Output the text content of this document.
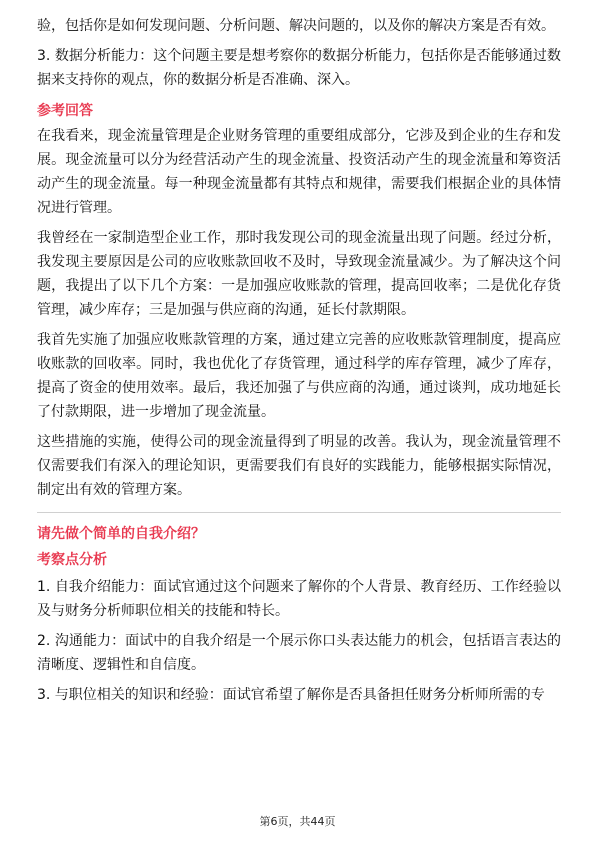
验，包括你是如何发现问题、分析问题、解决问题的，以及你的解决方案是否有效。

3. 数据分析能力：这个问题主要是想考察你的数据分析能力，包括你是否能够通过数据来支持你的观点，你的数据分析是否准确、深入。

参考回答

在我看来，现金流量管理是企业财务管理的重要组成部分，它涉及到企业的生存和发展。现金流量可以分为经营活动产生的现金流量、投资活动产生的现金流量和筹资活动产生的现金流量。每一种现金流量都有其特点和规律，需要我们根据企业的具体情况进行管理。

我曾经在一家制造型企业工作，那时我发现公司的现金流量出现了问题。经过分析，我发现主要原因是公司的应收账款回收不及时，导致现金流量减少。为了解决这个问题，我提出了以下几个方案：一是加强应收账款的管理，提高回收率；二是优化存货管理，减少库存；三是加强与供应商的沟通，延长付款期限。

我首先实施了加强应收账款管理的方案，通过建立完善的应收账款管理制度，提高应收账款的回收率。同时，我也优化了存货管理，通过科学的库存管理，减少了库存，提高了资金的使用效率。最后，我还加强了与供应商的沟通，通过谈判，成功地延长了付款期限，进一步增加了现金流量。

这些措施的实施，使得公司的现金流量得到了明显的改善。我认为，现金流量管理不仅需要我们有深入的理论知识，更需要我们有良好的实践能力，能够根据实际情况，制定出有效的管理方案。

请先做个简单的自我介绍？
考察点分析

1. 自我介绍能力：面试官通过这个问题来了解你的个人背景、教育经历、工作经验以及与财务分析师职位相关的技能和特长。

2. 沟通能力：面试中的自我介绍是一个展示你口头表达能力的机会，包括语言表达的清晰度、逻辑性和自信度。

3. 与职位相关的知识和经验：面试官希望了解你是否具备担任财务分析师所需的专

第6页，共44页
